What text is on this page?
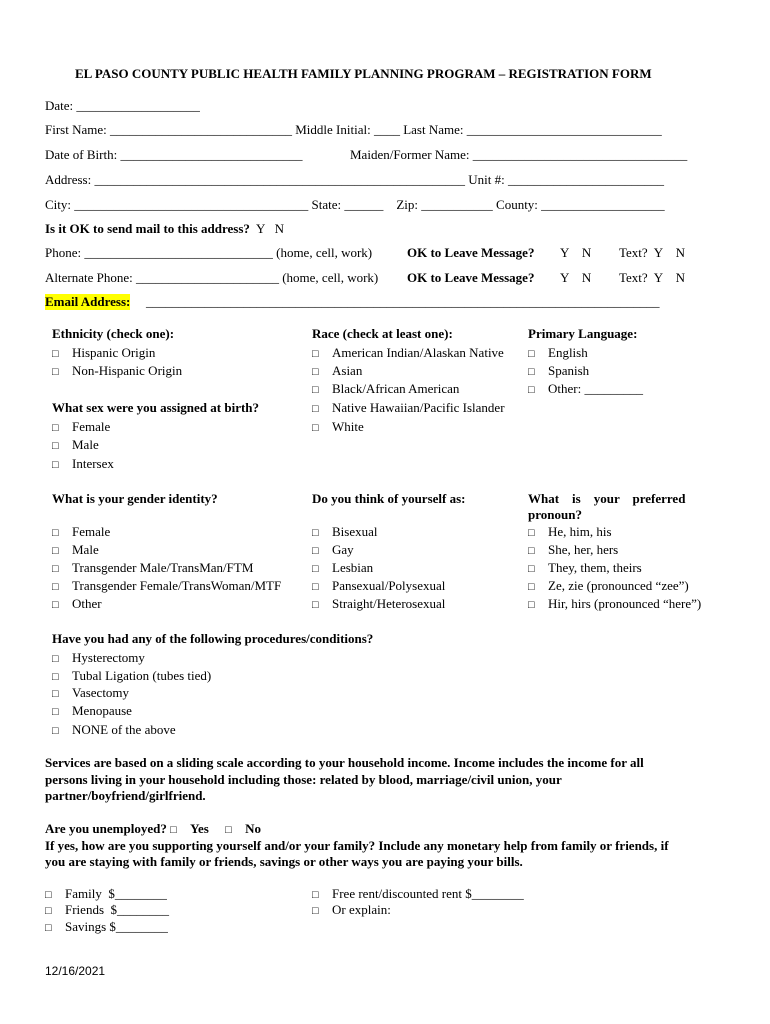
EL PASO COUNTY PUBLIC HEALTH FAMILY PLANNING PROGRAM – REGISTRATION FORM
Date: ___________________
First Name: ____________________________ Middle Initial: ____ Last Name: ______________________________
Date of Birth: ____________________________	Maiden/Former Name: _________________________________
Address: _________________________________________________________ Unit #: ________________________
City: ____________________________________ State: ______    Zip: ___________ County: ___________________
Is it OK to send mail to this address? Y   N
Phone: _____________________________ (home, cell, work)	OK to Leave Message? Y    N Text?  Y    N
Alternate Phone: ______________________ (home, cell, work) OK to Leave Message? Y    N Text?  Y    N
Email Address: _______________________________________________________________________________
Ethnicity (check one):
□ Hispanic Origin
□ Non-Hispanic Origin
Race (check at least one):
□ American Indian/Alaskan Native
□ Asian
□ Black/African American
□ Native Hawaiian/Pacific Islander
□ White
Primary Language:
□ English
□ Spanish
□ Other: _________
What sex were you assigned at birth?
□ Female
□ Male
□ Intersex
What is your gender identity?
□ Female
□ Male
□ Transgender Male/TransMan/FTM
□ Transgender Female/TransWoman/MTF
□ Other
Do you think of yourself as:
□ Bisexual
□ Gay
□ Lesbian
□ Pansexual/Polysexual
□ Straight/Heterosexual
What    is    your    preferred
pronoun?
□ He, him, his
□ She, her, hers
□ They, them, theirs
□ Ze, zie (pronounced “zee”)
□ Hir, hirs (pronounced “here”)
Have you had any of the following procedures/conditions?
□ Hysterectomy
□ Tubal Ligation (tubes tied)
□ Vasectomy
□ Menopause
□ NONE of the above
Services are based on a sliding scale according to your household income. Income includes the income for all
persons living in your household including those: related by blood, marriage/civil union, your
partner/boyfriend/girlfriend.
Are you unemployed? □ Yes □ No
If yes, how are you supporting yourself and/or your family? Include any monetary help from family or friends, if
you are staying with family or friends, savings or other ways you are paying your bills.
□ Family  $________
□ Friends  $________
□ Savings $________
□ Free rent/discounted rent $________
□ Or explain:
12/16/2021
